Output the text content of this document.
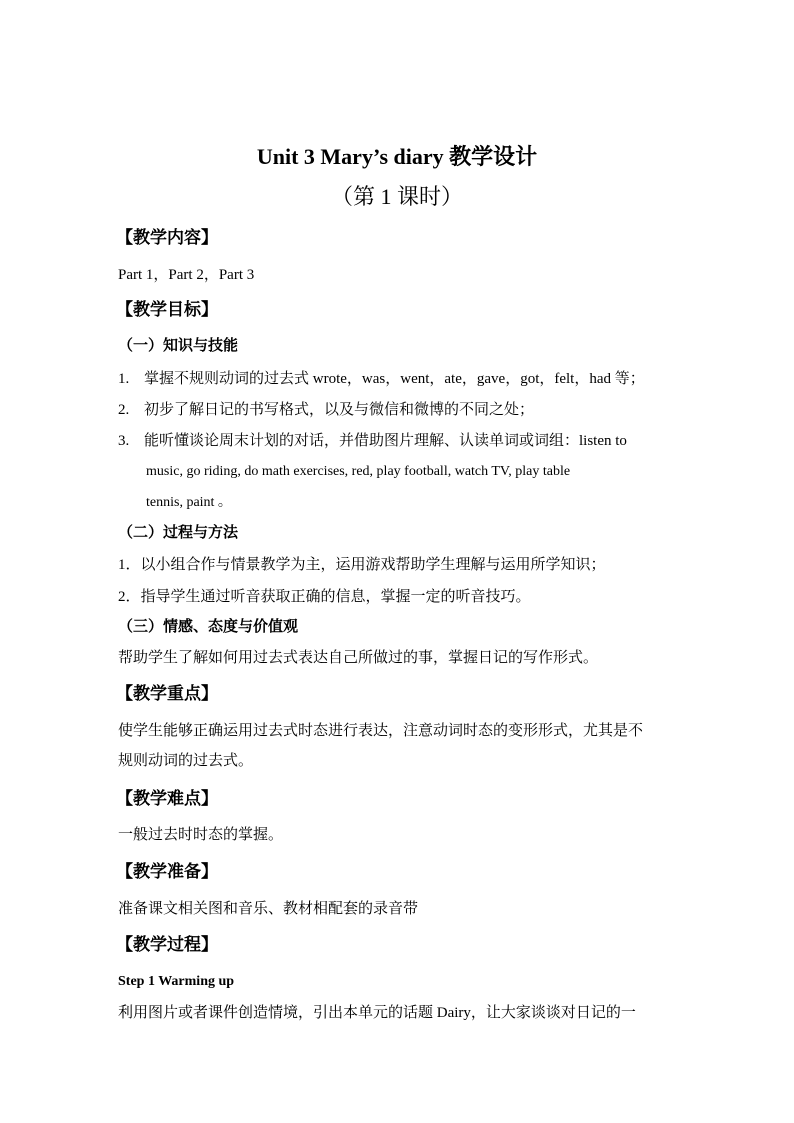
Unit 3 Mary’s diary 教学设计
（第 1 课时）
【教学内容】
Part 1，Part 2，Part 3
【教学目标】
（一）知识与技能
1. 掌握不规则动词的过去式 wrote，was，went，ate，gave，got，felt，had 等；
2. 初步了解日记的书写格式，以及与微信和微博的不同之处；
3. 能听懂谈论周末计划的对话，并借助图片理解、认读单词或词组：listen to
music, go riding, do math exercises, red, play football, watch TV, play table
tennis, paint 。
（二）过程与方法
1．以小组合作与情景教学为主，运用游戏帮助学生理解与运用所学知识；
2．指导学生通过听音获取正确的信息，掌握一定的听音技巧。
（三）情感、态度与价值观
帮助学生了解如何用过去式表达自己所做过的事，掌握日记的写作形式。
【教学重点】
使学生能够正确运用过去式时态进行表达，注意动词时态的变形形式，尤其是不
规则动词的过去式。
【教学难点】
一般过去时时态的掌握。
【教学准备】
准备课文相关图和音乐、教材相配套的录音带
【教学过程】
Step 1 Warming up
利用图片或者课件创造情境，引出本单元的话题 Dairy，让大家谈谈对日记的一
